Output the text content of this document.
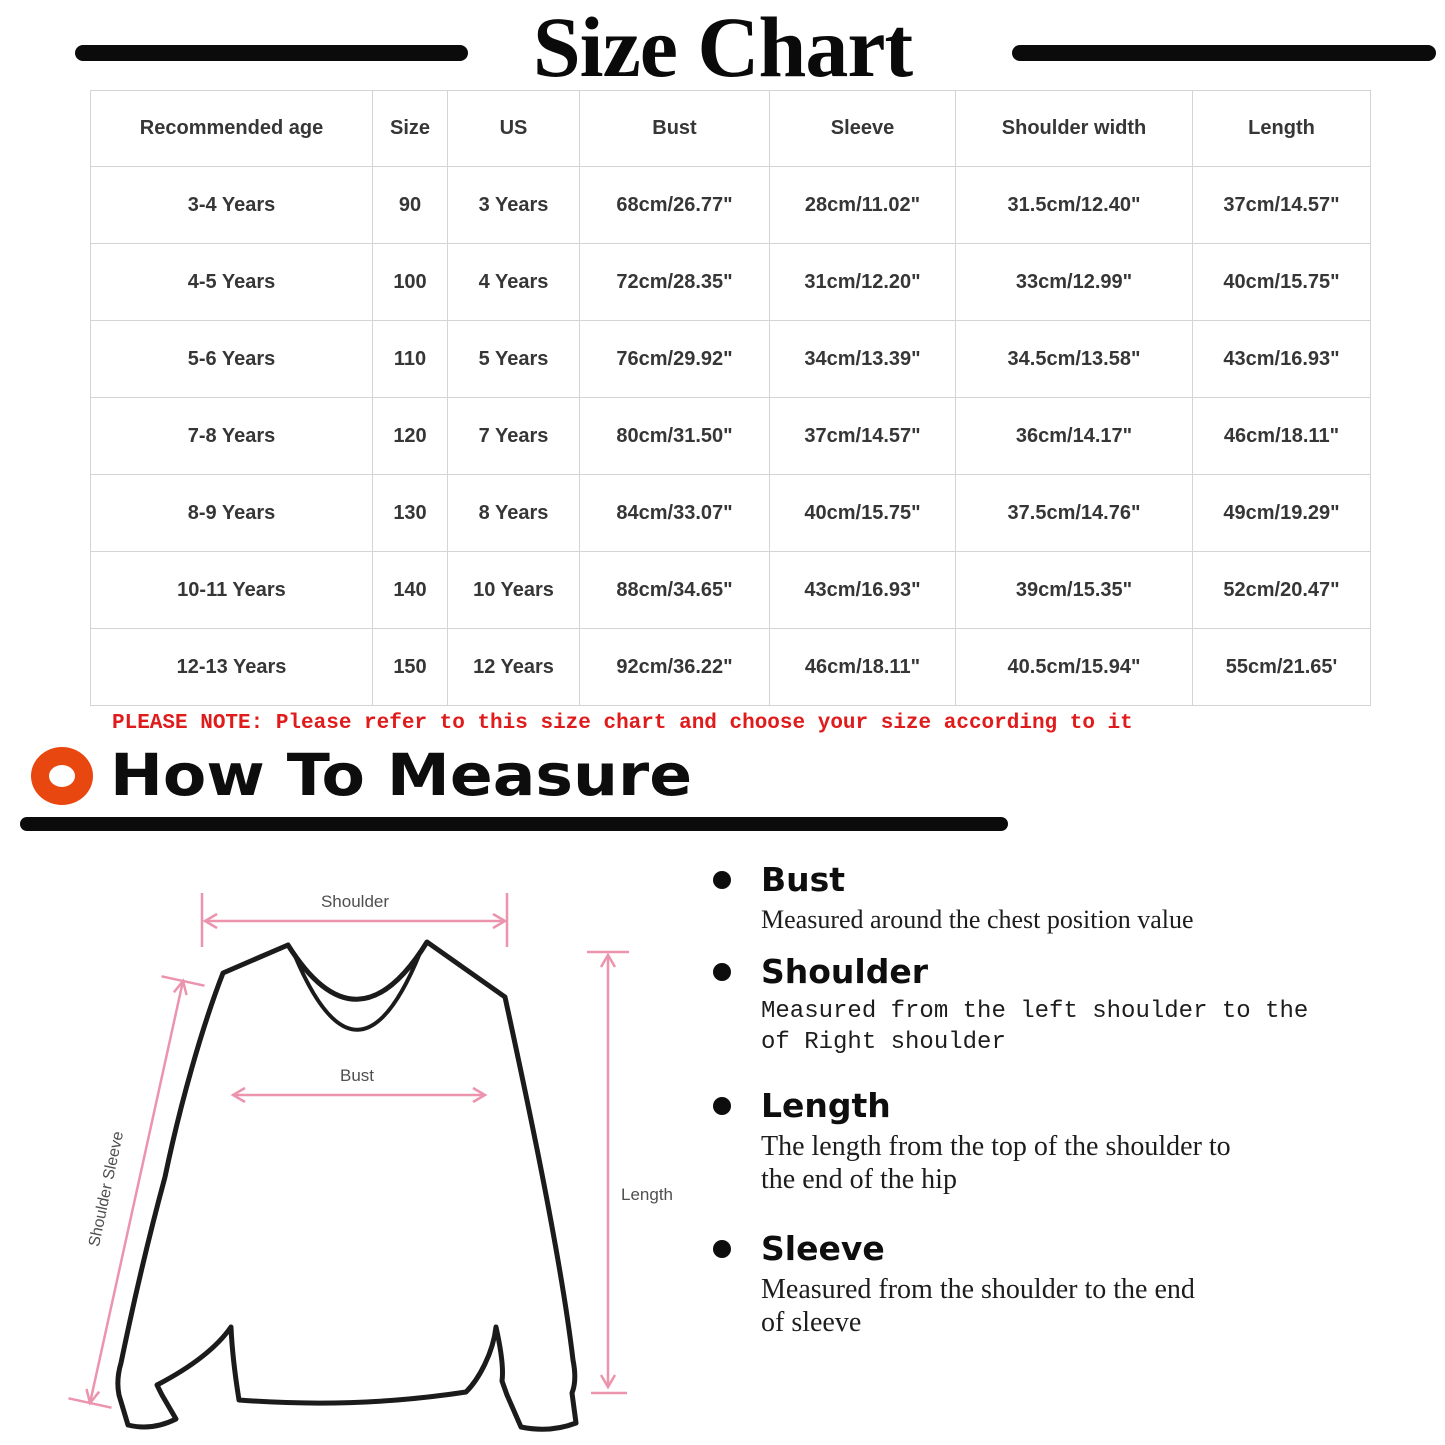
Size Chart
Recommended age	Size	US	Bust	Sleeve	Shoulder width	Length
3-4 Years	90	3 Years	68cm/26.77"	28cm/11.02"	31.5cm/12.40"	37cm/14.57"
4-5 Years	100	4 Years	72cm/28.35"	31cm/12.20"	33cm/12.99"	40cm/15.75"
5-6 Years	110	5 Years	76cm/29.92"	34cm/13.39"	34.5cm/13.58"	43cm/16.93"
7-8 Years	120	7 Years	80cm/31.50"	37cm/14.57"	36cm/14.17"	46cm/18.11"
8-9 Years	130	8 Years	84cm/33.07"	40cm/15.75"	37.5cm/14.76"	49cm/19.29"
10-11 Years	140	10 Years	88cm/34.65"	43cm/16.93"	39cm/15.35"	52cm/20.47"
12-13 Years	150	12 Years	92cm/36.22"	46cm/18.11"	40.5cm/15.94"	55cm/21.65'
PLEASE NOTE: Please refer to this size chart and choose your size according to it
How To Measure
Shoulder
Bust
Length
Shoulder Sleeve
Bust
Measured around the chest position value
Shoulder
Measured from the left shoulder to the
of Right shoulder
Length
The length from the top of the shoulder to
the end of the hip
Sleeve
Measured from the shoulder to the end
of sleeve
